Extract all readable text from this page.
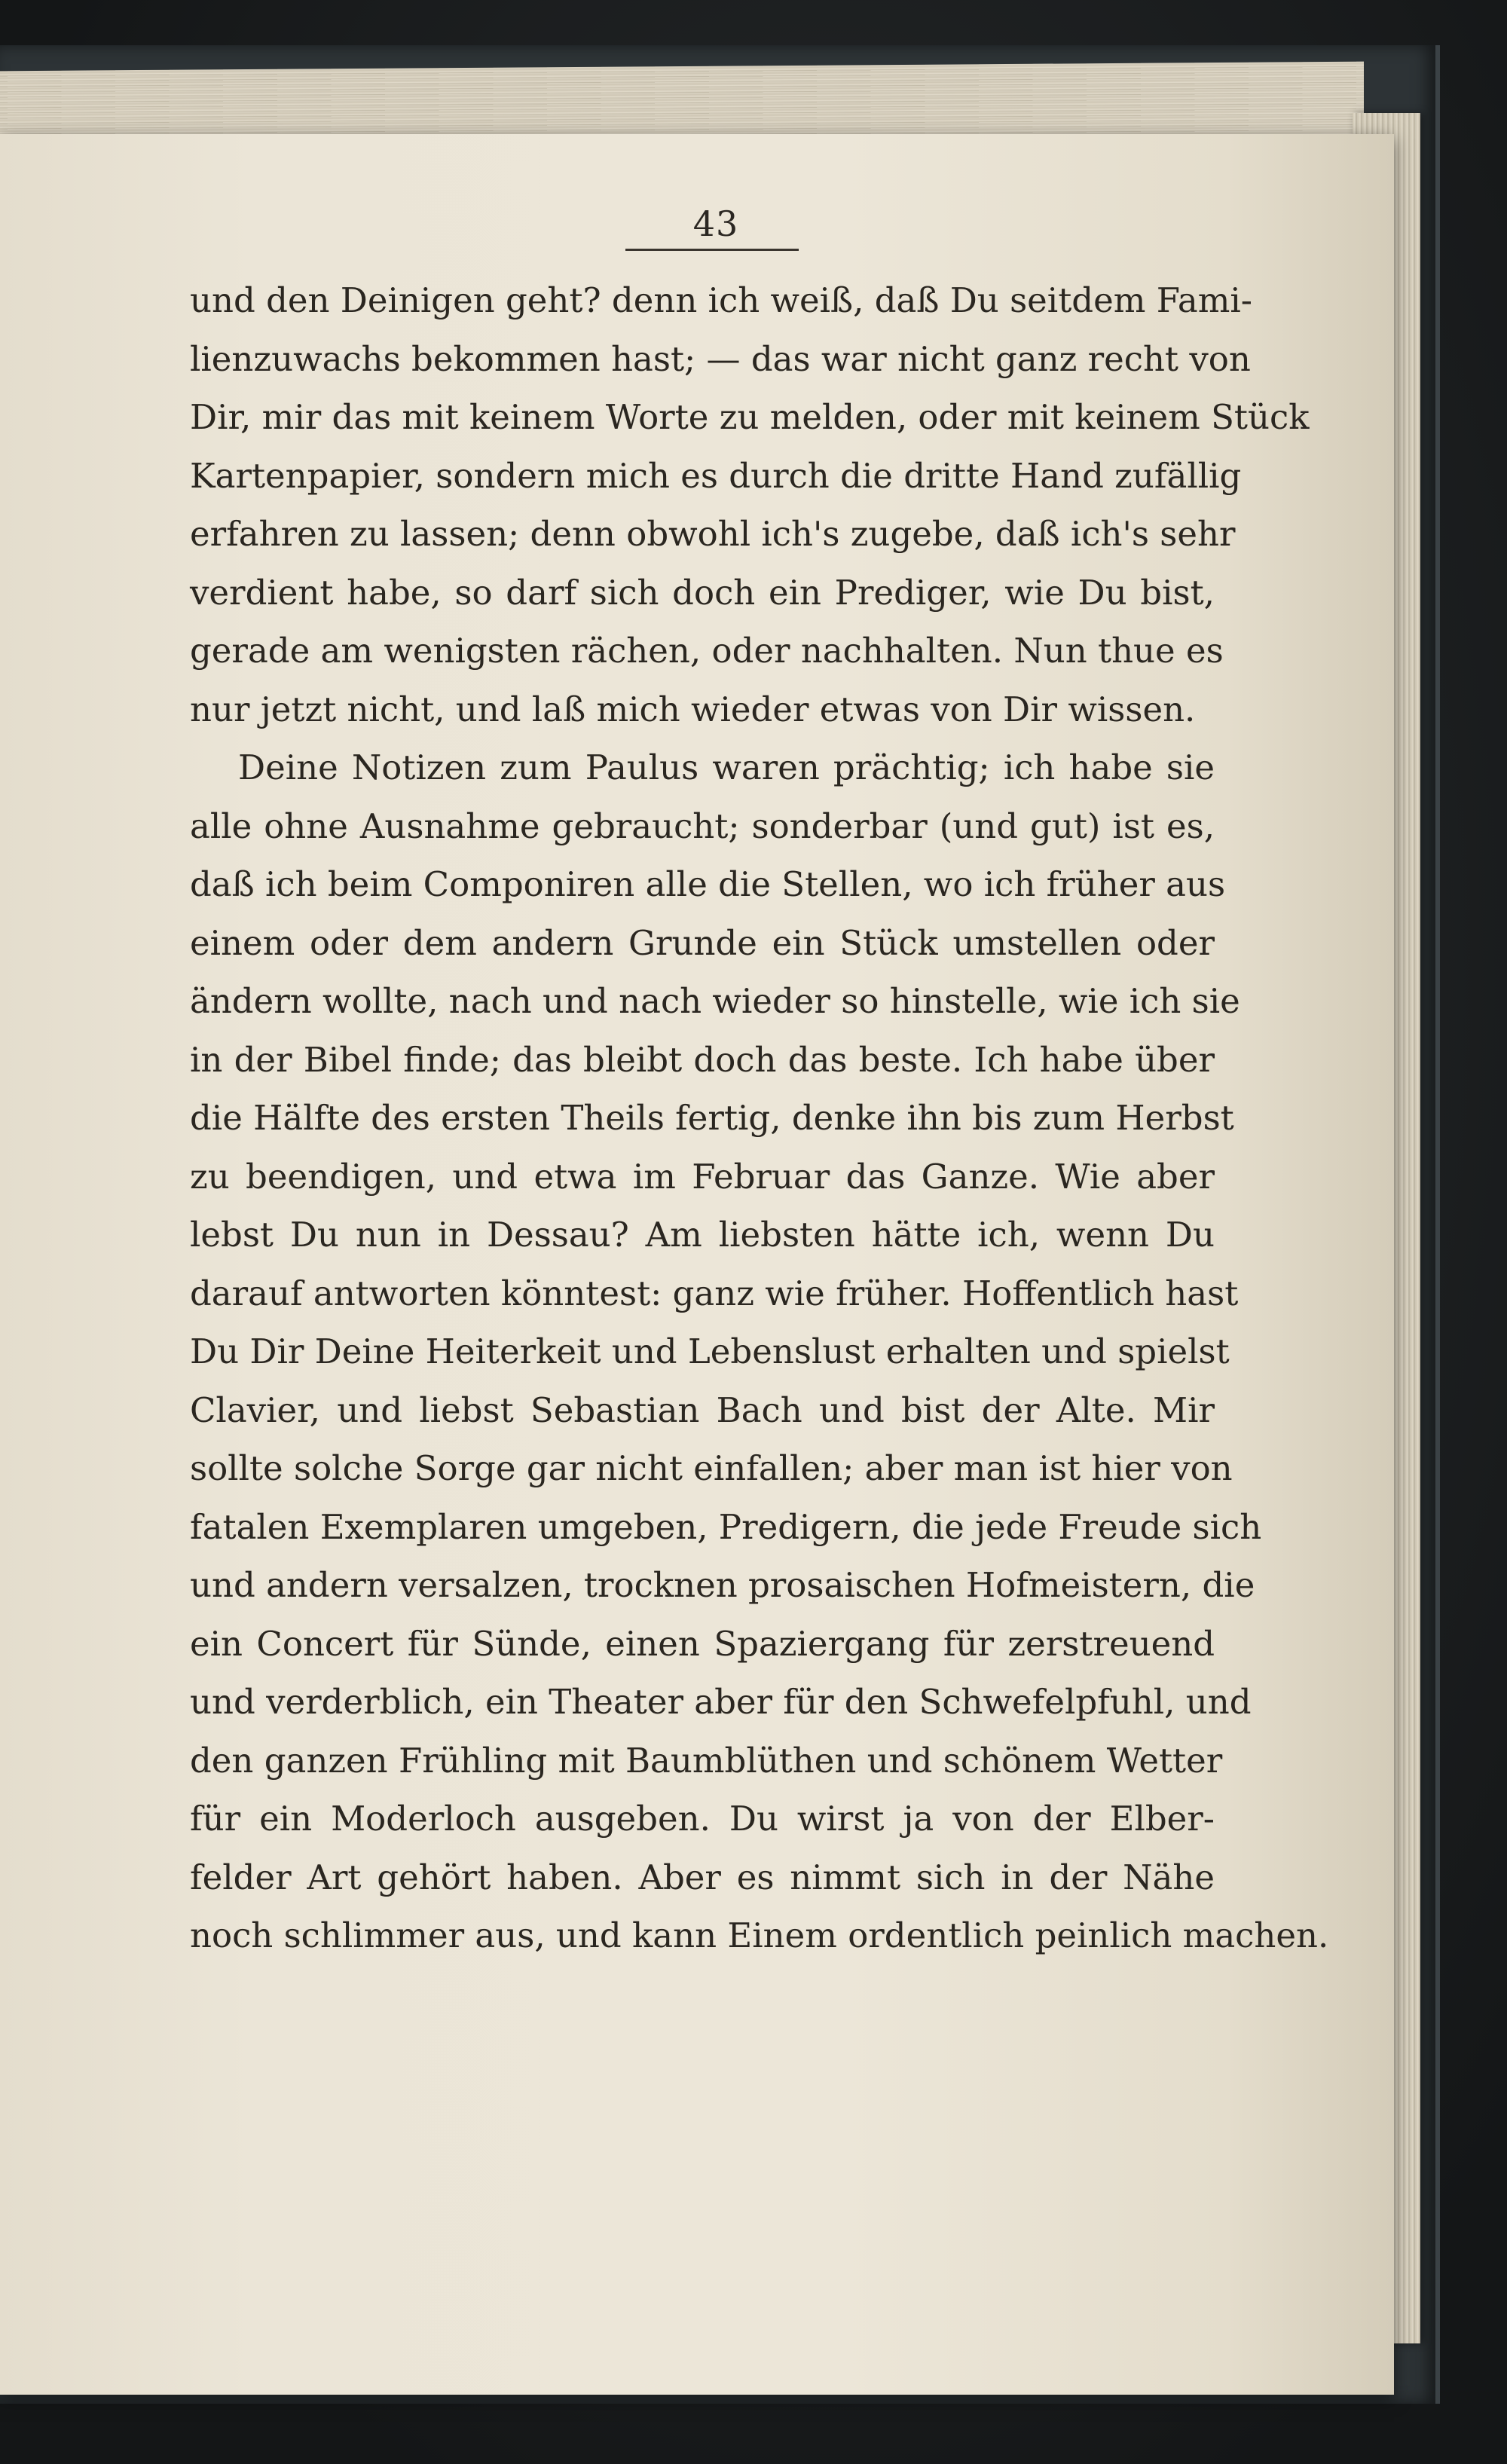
43
und den Deinigen geht? denn ich weiß, daß Du seitdem Fami-
lienzuwachs bekommen hast; — das war nicht ganz recht von
Dir, mir das mit keinem Worte zu melden, oder mit keinem Stück
Kartenpapier, sondern mich es durch die dritte Hand zufällig
erfahren zu lassen; denn obwohl ich's zugebe, daß ich's sehr
verdient habe, so darf sich doch ein Prediger, wie Du bist,
gerade am wenigsten rächen, oder nachhalten. Nun thue es
nur jetzt nicht, und laß mich wieder etwas von Dir wissen.
Deine Notizen zum Paulus waren prächtig; ich habe sie
alle ohne Ausnahme gebraucht; sonderbar (und gut) ist es,
daß ich beim Componiren alle die Stellen, wo ich früher aus
einem oder dem andern Grunde ein Stück umstellen oder
ändern wollte, nach und nach wieder so hinstelle, wie ich sie
in der Bibel finde; das bleibt doch das beste. Ich habe über
die Hälfte des ersten Theils fertig, denke ihn bis zum Herbst
zu beendigen, und etwa im Februar das Ganze. Wie aber
lebst Du nun in Dessau? Am liebsten hätte ich, wenn Du
darauf antworten könntest: ganz wie früher. Hoffentlich hast
Du Dir Deine Heiterkeit und Lebenslust erhalten und spielst
Clavier, und liebst Sebastian Bach und bist der Alte. Mir
sollte solche Sorge gar nicht einfallen; aber man ist hier von
fatalen Exemplaren umgeben, Predigern, die jede Freude sich
und andern versalzen, trocknen prosaischen Hofmeistern, die
ein Concert für Sünde, einen Spaziergang für zerstreuend
und verderblich, ein Theater aber für den Schwefelpfuhl, und
den ganzen Frühling mit Baumblüthen und schönem Wetter
für ein Moderloch ausgeben. Du wirst ja von der Elber-
felder Art gehört haben. Aber es nimmt sich in der Nähe
noch schlimmer aus, und kann Einem ordentlich peinlich machen.
